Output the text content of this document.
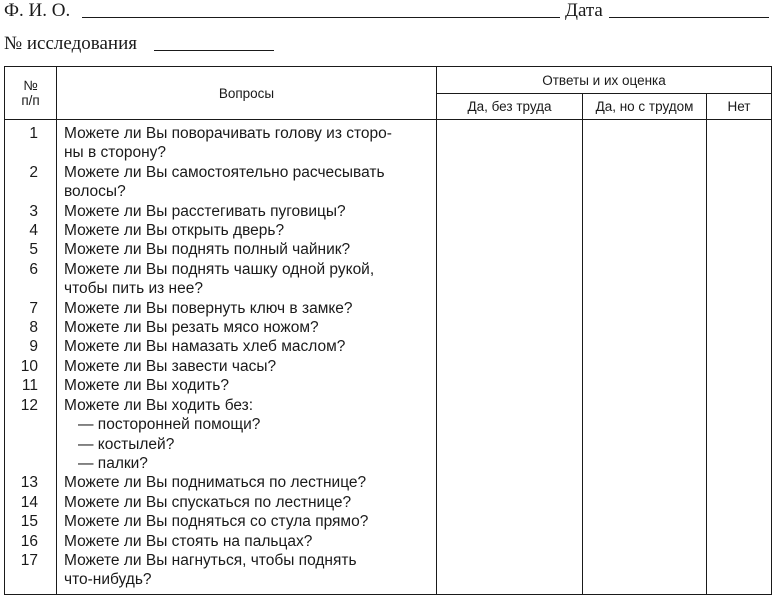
Ф. И. О.	Дата
№ исследования
№
п/п	Вопросы	Ответы и их оценка		
		Да, без труда	Да, но с трудом	Нет
1	Можете ли Вы поворачивать голову из сторо-
ны в сторону?			

2	Можете ли Вы самостоятельно расчесывать
волосы?			

3	Можете ли Вы расстегивать пуговицы?			

4	Можете ли Вы открыть дверь?			

5	Можете ли Вы поднять полный чайник?			

6	Можете ли Вы поднять чашку одной рукой,
чтобы пить из нее?			

7	Можете ли Вы повернуть ключ в замке?			

8	Можете ли Вы резать мясо ножом?			

9	Можете ли Вы намазать хлеб маслом?			

10	Можете ли Вы завести часы?			

11	Можете ли Вы ходить?			

12	Можете ли Вы ходить без:
— посторонней помощи?
— костылей?
— палки?			

13	Можете ли Вы подниматься по лестнице?			

14	Можете ли Вы спускаться по лестнице?			

15	Можете ли Вы подняться со стула прямо?			

16	Можете ли Вы стоять на пальцах?			

17	Можете ли Вы нагнуться, чтобы поднять
что-нибудь?			
